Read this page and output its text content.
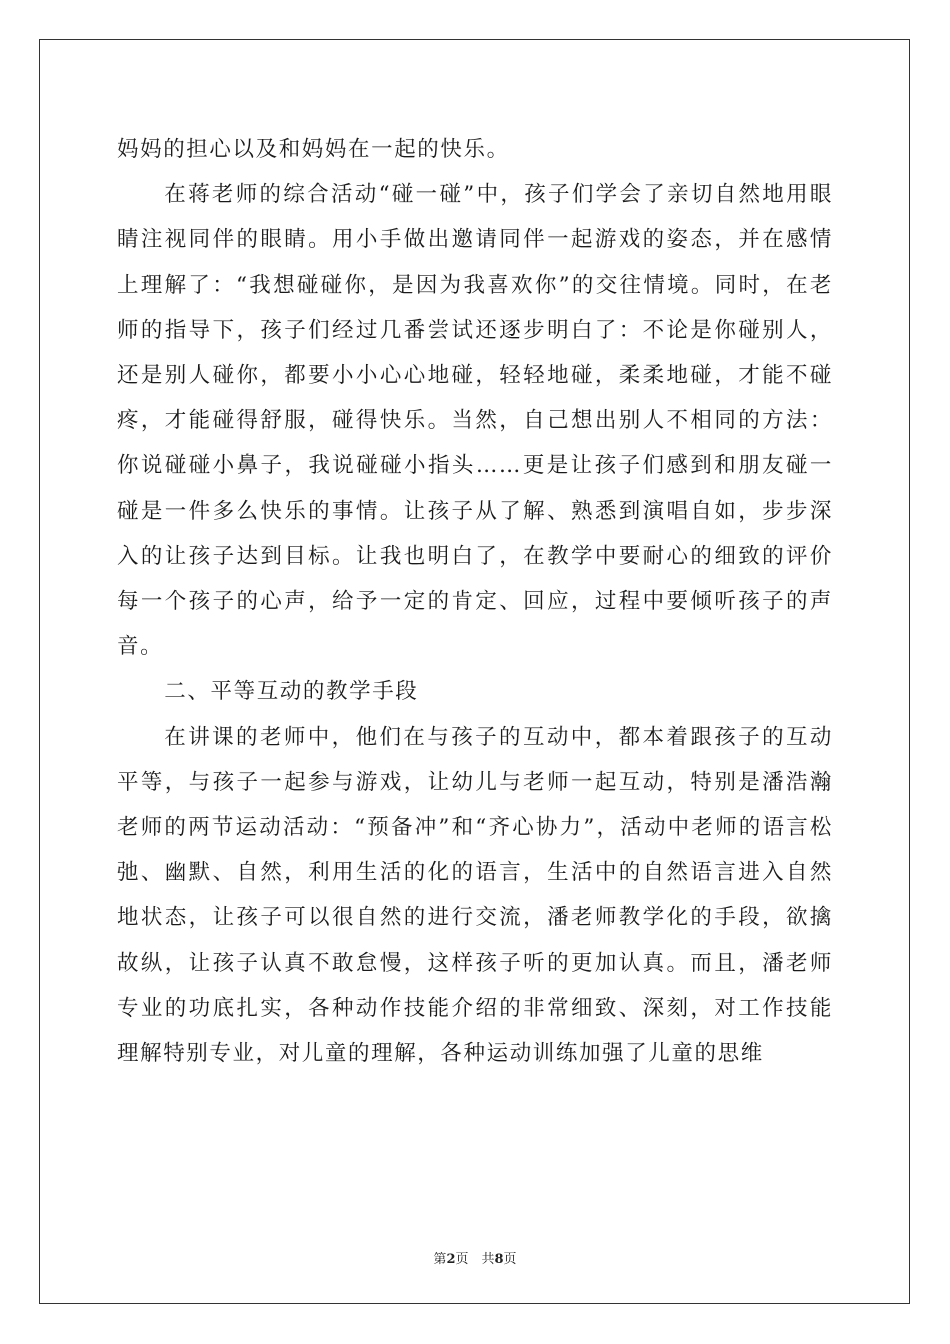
妈妈的担心以及和妈妈在一起的快乐。

在蒋老师的综合活动“碰一碰”中，孩子们学会了亲切自然地用眼睛注视同伴的眼睛。用小手做出邀请同伴一起游戏的姿态，并在感情上理解了：“我想碰碰你，是因为我喜欢你”的交往情境。同时，在老师的指导下，孩子们经过几番尝试还逐步明白了：不论是你碰别人，还是别人碰你，都要小小心心地碰，轻轻地碰，柔柔地碰，才能不碰疼，才能碰得舒服，碰得快乐。当然，自己想出别人不相同的方法：你说碰碰小鼻子，我说碰碰小指头……更是让孩子们感到和朋友碰一碰是一件多么快乐的事情。让孩子从了解、熟悉到演唱自如，步步深入的让孩子达到目标。让我也明白了，在教学中要耐心的细致的评价每一个孩子的心声，给予一定的肯定、回应，过程中要倾听孩子的声音。

二、平等互动的教学手段

在讲课的老师中，他们在与孩子的互动中，都本着跟孩子的互动平等，与孩子一起参与游戏，让幼儿与老师一起互动，特别是潘浩瀚老师的两节运动活动：“预备冲”和“齐心协力”，活动中老师的语言松弛、幽默、自然，利用生活的化的语言，生活中的自然语言进入自然地状态，让孩子可以很自然的进行交流，潘老师教学化的手段，欲擒故纵，让孩子认真不敢怠慢，这样孩子听的更加认真。而且，潘老师专业的功底扎实，各种动作技能介绍的非常细致、深刻，对工作技能理解特别专业，对儿童的理解，各种运动训练加强了儿童的思维

第2页　共8页
